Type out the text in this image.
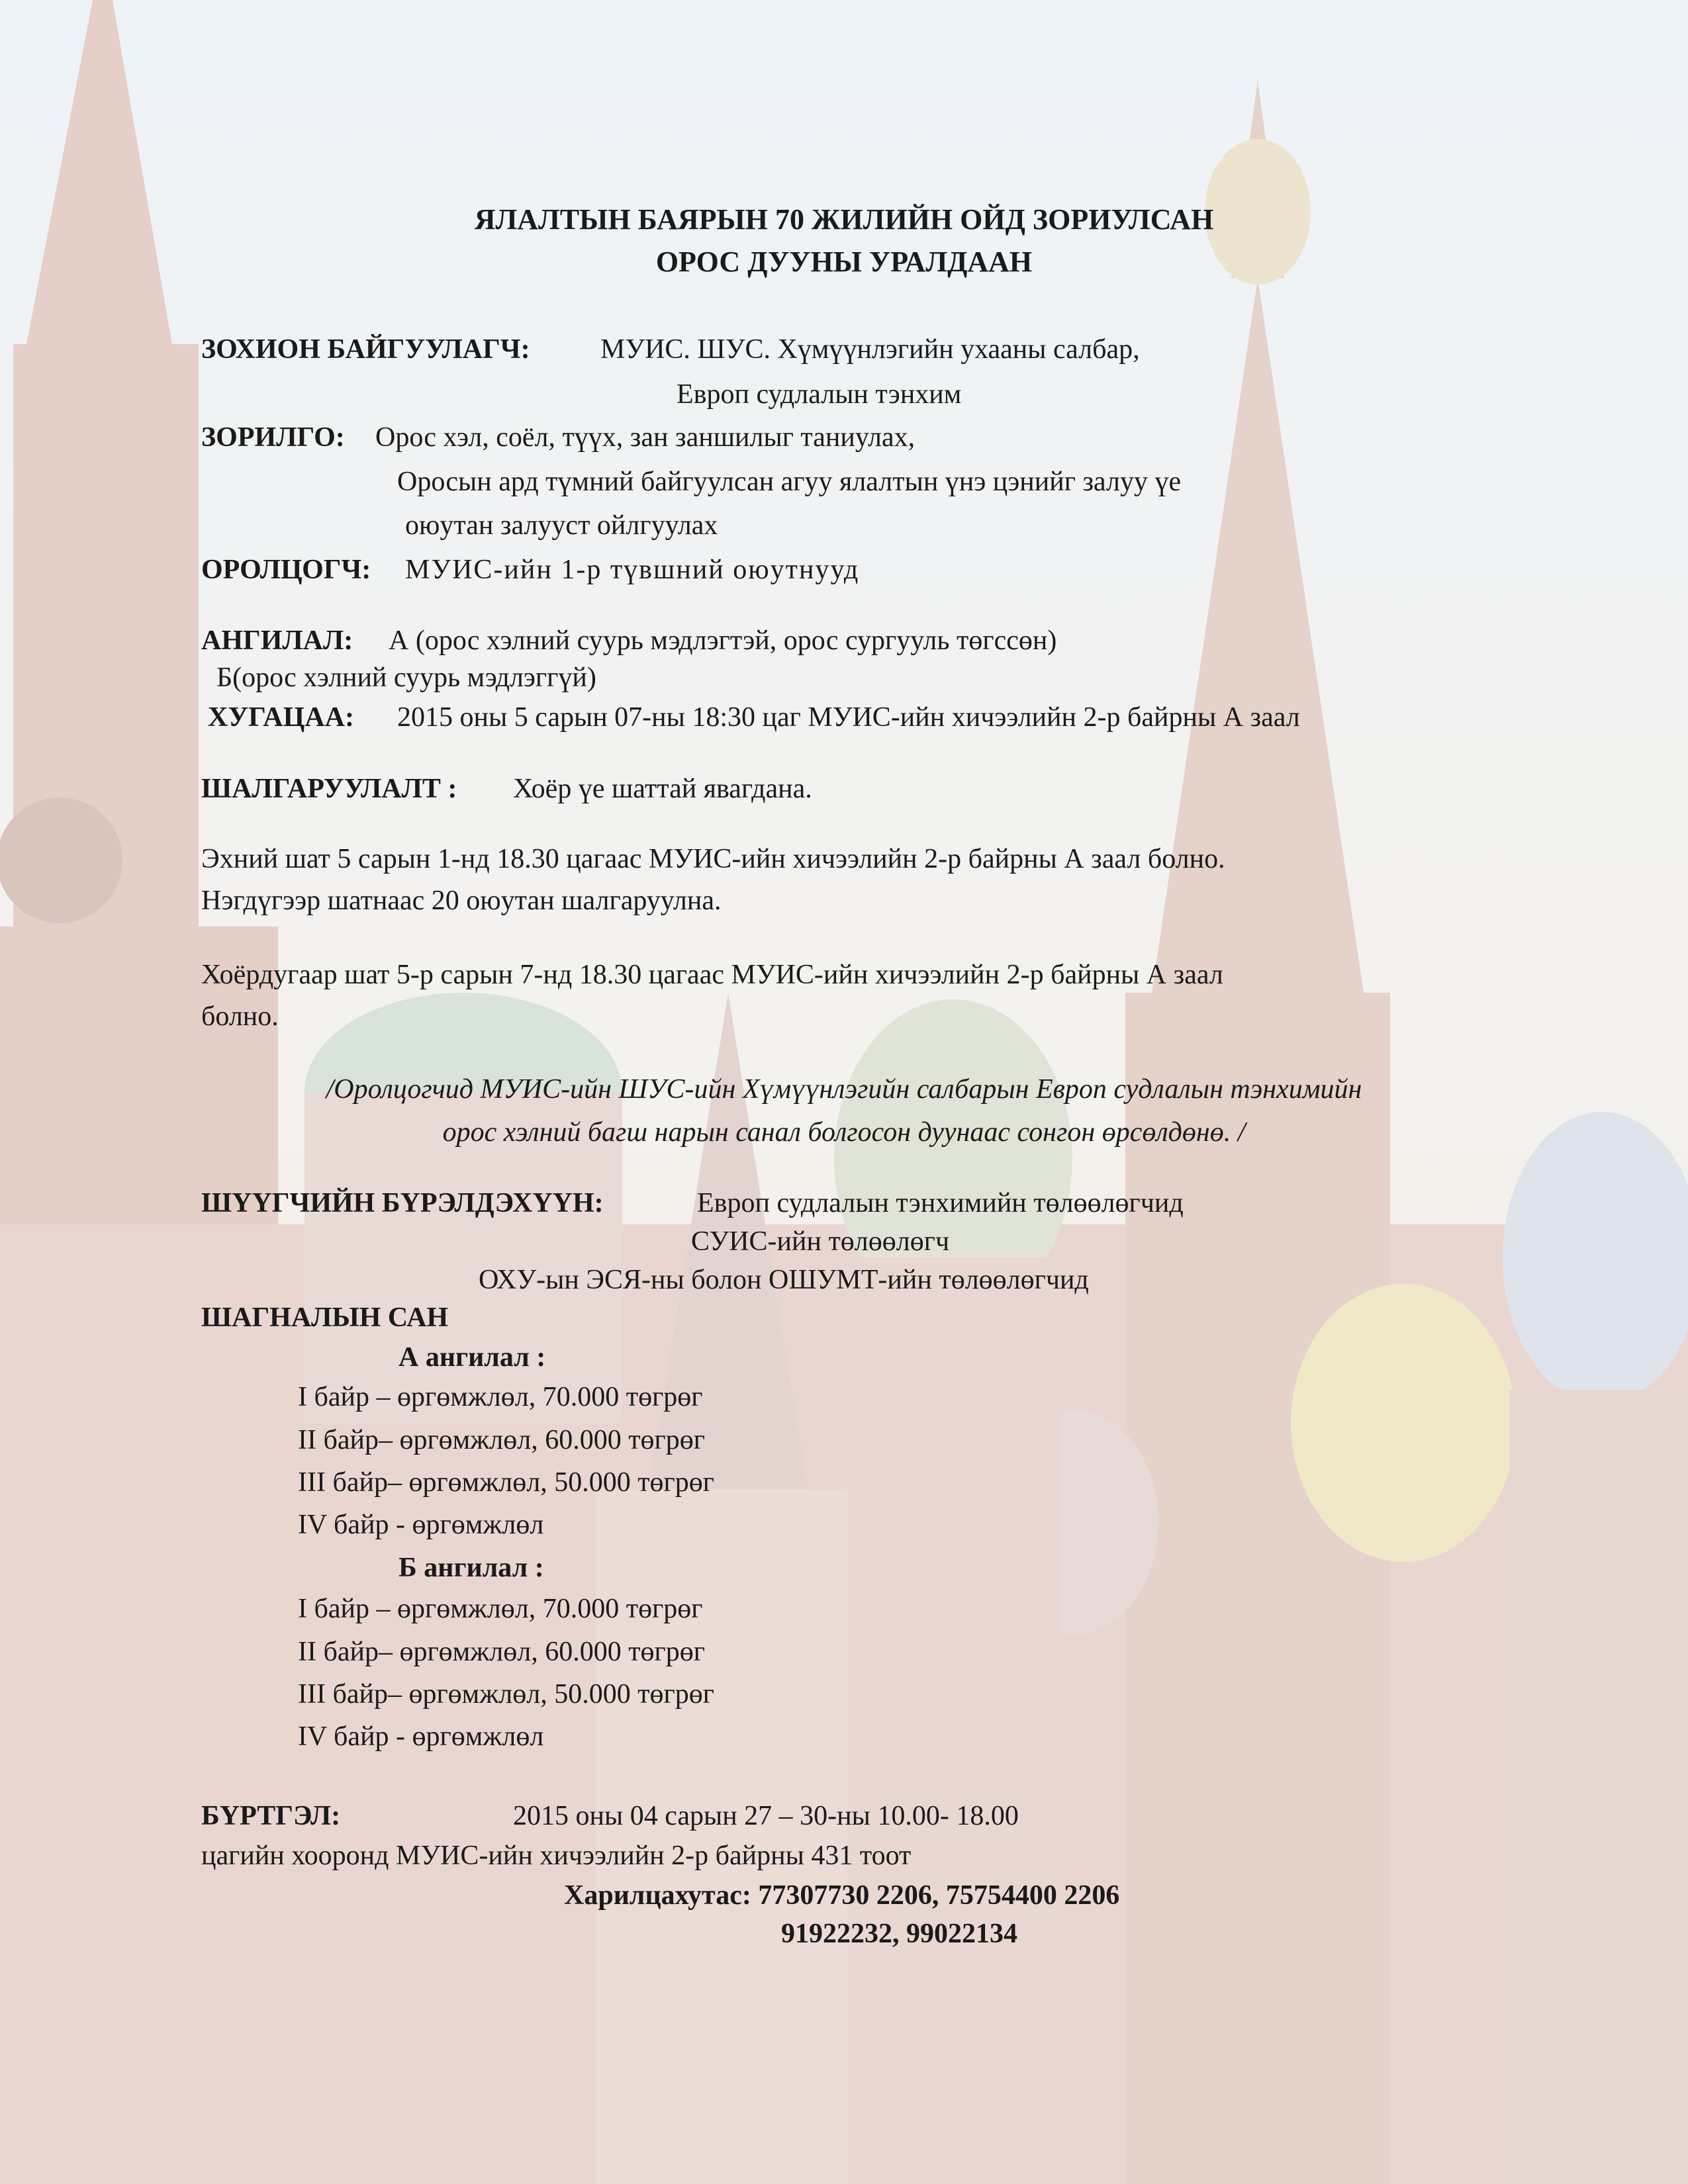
ЯЛАЛТЫН БАЯРЫН 70 ЖИЛИЙН ОЙД ЗОРИУЛСАН
ОРОС ДУУНЫ УРАЛДААН
ЗОХИОН БАЙГУУЛАГЧ:	МУИС. ШУС. Хүмүүнлэгийн ухааны салбар,
Европ судлалын тэнхим
ЗОРИЛГО: Орос хэл, соёл, түүх, зан заншилыг таниулах,
Оросын ард түмний байгуулсан агуу ялалтын үнэ цэнийг залуу үе
оюутан залууст ойлгуулах
ОРОЛЦОГЧ: МУИС-ийн 1-р түвшний оюутнууд
АНГИЛАЛ: А (орос хэлний суурь мэдлэгтэй, орос сургууль төгссөн)
Б(орос хэлний суурь мэдлэггүй)
ХУГАЦАА: 2015 оны 5 сарын 07-ны 18:30 цаг МУИС-ийн хичээлийн 2-р байрны А заал
ШАЛГАРУУЛАЛТ : Хоёр үе шаттай явагдана.
Эхний шат 5 сарын 1-нд 18.30 цагаас МУИС-ийн хичээлийн 2-р байрны А заал болно.
Нэгдүгээр шатнаас 20 оюутан шалгаруулна.
Хоёрдугаар шат 5-р сарын 7-нд 18.30 цагаас МУИС-ийн хичээлийн 2-р байрны А заал
болно.
/Оролцогчид МУИС-ийн ШУС-ийн Хүмүүнлэгийн салбарын Европ судлалын тэнхимийн
орос хэлний багш нарын санал болгосон дуунаас сонгон өрсөлдөнө. /
ШҮҮГЧИЙН БҮРЭЛДЭХҮҮН:	Европ судлалын тэнхимийн төлөөлөгчид
СУИС-ийн төлөөлөгч
ОХУ-ын ЭСЯ-ны болон ОШУМТ-ийн төлөөлөгчид
ШАГНАЛЫН САН
А ангилал :
I байр – өргөмжлөл, 70.000 төгрөг
II байр– өргөмжлөл, 60.000 төгрөг
III байр– өргөмжлөл, 50.000 төгрөг
IV байр - өргөмжлөл
Б ангилал :
I байр – өргөмжлөл, 70.000 төгрөг
II байр– өргөмжлөл, 60.000 төгрөг
III байр– өргөмжлөл, 50.000 төгрөг
IV байр - өргөмжлөл
БҮРТГЭЛ:	2015 оны 04 сарын 27 – 30-ны 10.00- 18.00
цагийн хооронд МУИС-ийн хичээлийн 2-р байрны 431 тоот
Харилцахутас: 77307730 2206, 75754400 2206
91922232, 99022134
